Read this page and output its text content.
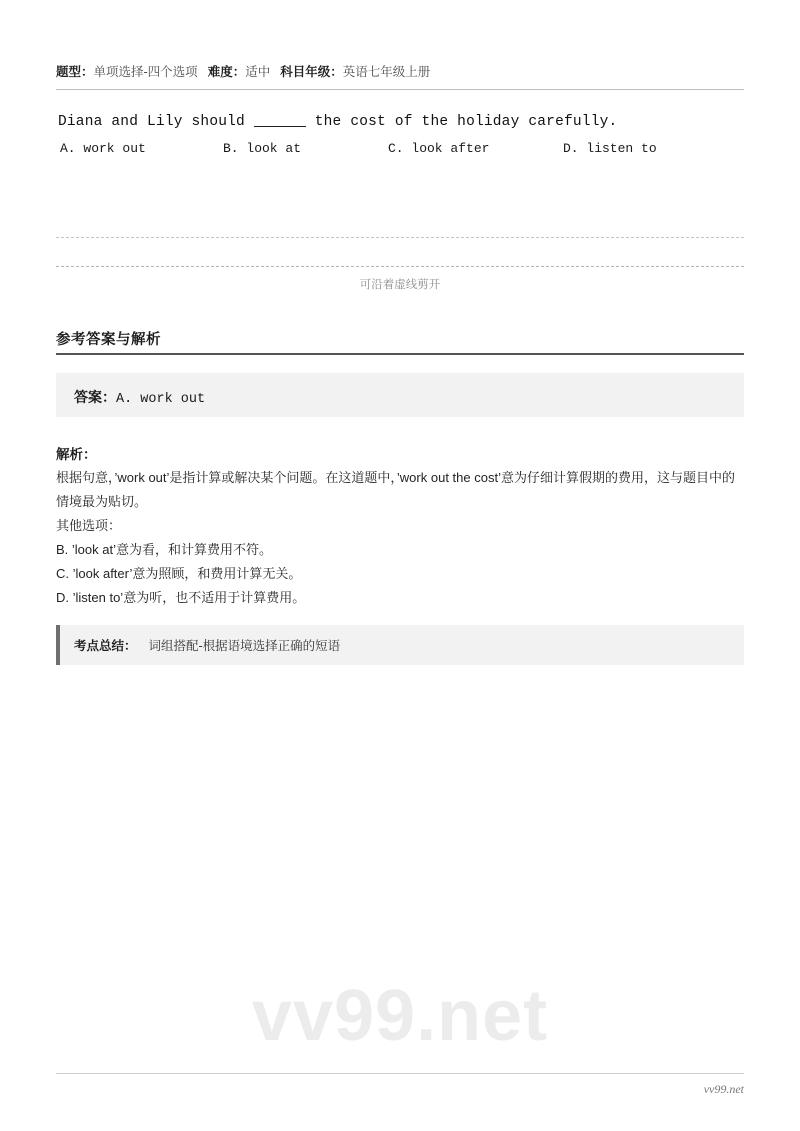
题型：单项选择-四个选项 难度：适中 科目年级：英语七年级上册
Diana and Lily should	the cost of the holiday carefully.
A. work out	B. look at	C. look after	D. listen to
可沿着虚线剪开
参考答案与解析
答案：A. work out
解析：

根据句意，’work out’是指计算或解决某个问题。在这道题中，’work out the cost’意为仔细计算假期的费用，这与题目中的情境最为贴切。

其他选项：

B. ’look at’意为看，和计算费用不符。

C. ’look after’意为照顾，和费用计算无关。

D. ’listen to’意为听，也不适用于计算费用。

考点总结： 词组搭配-根据语境选择正确的短语
vv99.net
vv99.net
